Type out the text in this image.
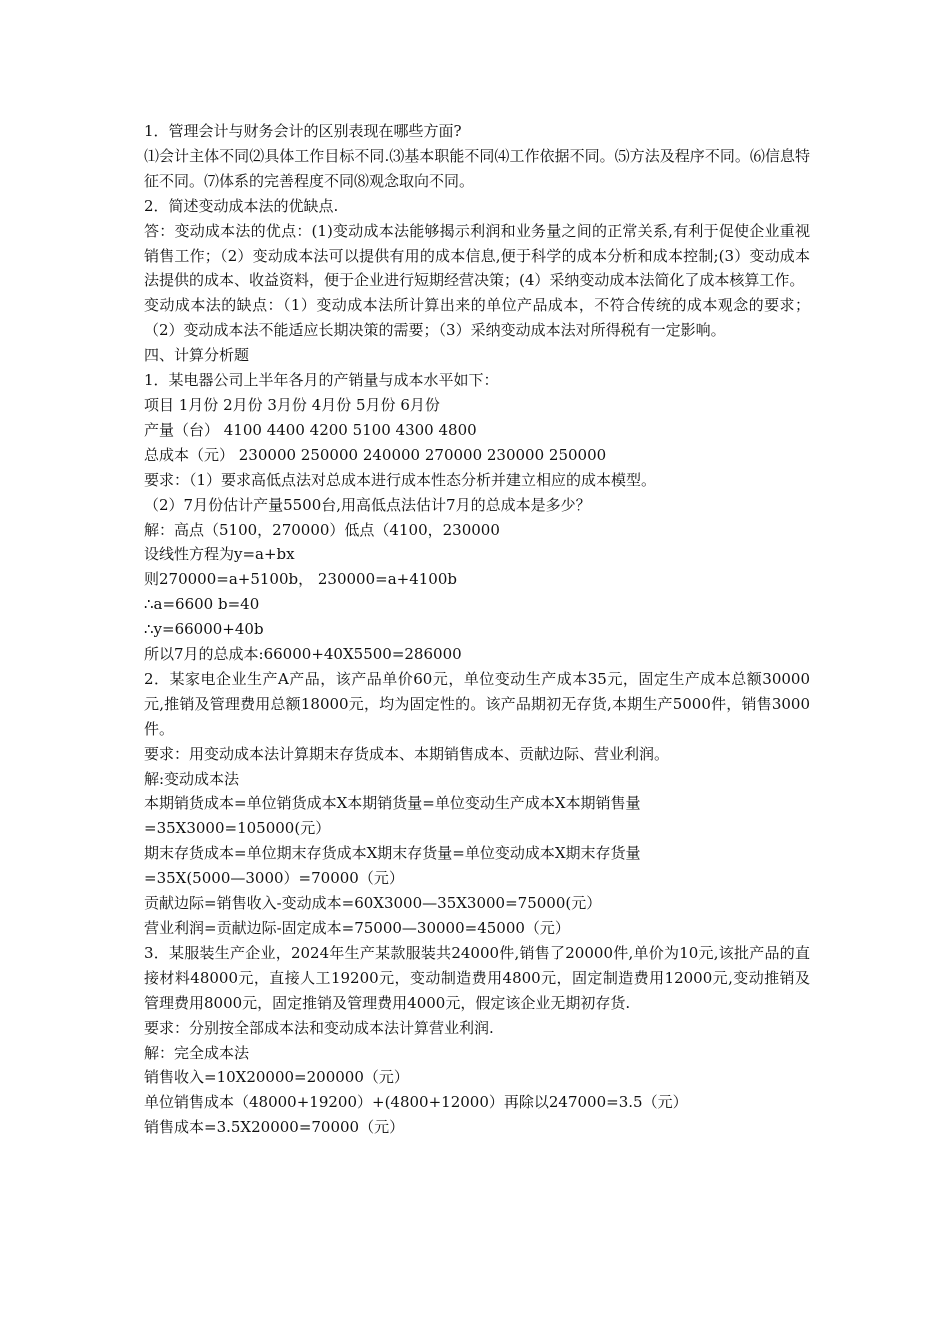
1．管理会计与财务会计的区别表现在哪些方面?

⑴会计主体不同⑵具体工作目标不同.⑶基本职能不同⑷工作依据不同。⑸方法及程序不同。⑹信息特征不同。⑺体系的完善程度不同⑻观念取向不同。

2．简述变动成本法的优缺点.

答：变动成本法的优点：(1)变动成本法能够揭示利润和业务量之间的正常关系,有利于促使企业重视销售工作；（2）变动成本法可以提供有用的成本信息,便于科学的成本分析和成本控制;(3）变动成本法提供的成本、收益资料，便于企业进行短期经营决策；(4）采纳变动成本法简化了成本核算工作。

变动成本法的缺点：（1）变动成本法所计算出来的单位产品成本，不符合传统的成本观念的要求；（2）变动成本法不能适应长期决策的需要；（3）采纳变动成本法对所得税有一定影响。

四、计算分析题

1．某电器公司上半年各月的产销量与成本水平如下：

项目 1月份 2月份 3月份 4月份 5月份 6月份

产量（台） 4100 4400 4200 5100 4300 4800

总成本（元） 230000 250000 240000 270000 230000 250000

要求：（1）要求高低点法对总成本进行成本性态分析并建立相应的成本模型。

（2）7月份估计产量5500台,用高低点法估计7月的总成本是多少？

解：高点（5100，270000）低点（4100，230000

设线性方程为y=a+bx

则270000=a+5100b， 230000=a+4100b

∴a=6600 b=40

∴y=66000+40b

所以7月的总成本:66000+40X5500=286000

2．某家电企业生产A产品，该产品单价60元，单位变动生产成本35元，固定生产成本总额30000元,推销及管理费用总额18000元，均为固定性的。该产品期初无存货,本期生产5000件，销售3000件。

要求：用变动成本法计算期末存货成本、本期销售成本、贡献边际、营业利润。

解:变动成本法

本期销货成本=单位销货成本X本期销货量=单位变动生产成本X本期销售量

=35X3000=105000(元）

期末存货成本=单位期末存货成本X期末存货量=单位变动成本X期末存货量

=35X(5000—3000）=70000（元）

贡献边际=销售收入-变动成本=60X3000—35X3000=75000(元）

营业利润=贡献边际-固定成本=75000—30000=45000（元）

3．某服装生产企业，2024年生产某款服装共24000件,销售了20000件,单价为10元,该批产品的直接材料48000元，直接人工19200元，变动制造费用4800元，固定制造费用12000元,变动推销及管理费用8000元，固定推销及管理费用4000元，假定该企业无期初存货.

要求：分别按全部成本法和变动成本法计算营业利润.

解：完全成本法

销售收入=10X20000=200000（元）

单位销售成本（48000+19200）+(4800+12000）再除以247000=3.5（元）

销售成本=3.5X20000=70000（元）
